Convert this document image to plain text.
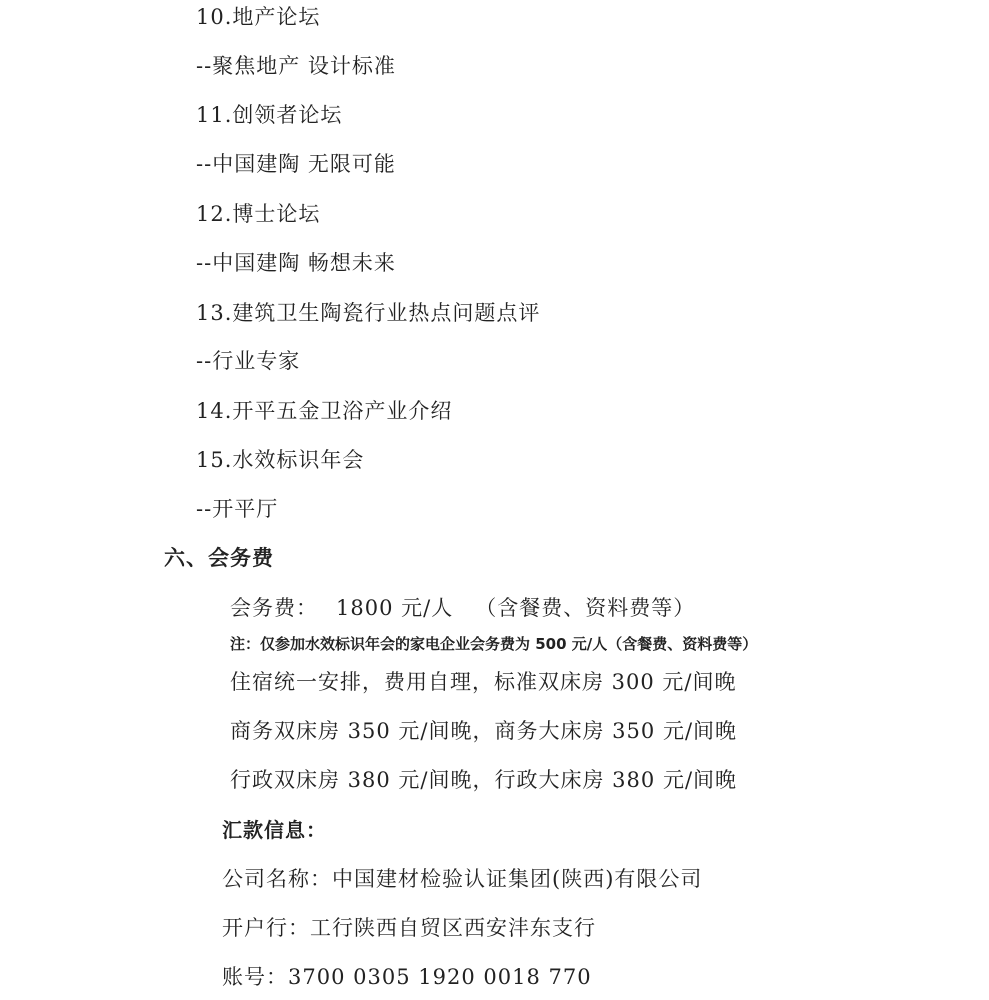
10.地产论坛
--聚焦地产 设计标准
11.创领者论坛
--中国建陶 无限可能
12.博士论坛
--中国建陶 畅想未来
13.建筑卫生陶瓷行业热点问题点评
--行业专家
14.开平五金卫浴产业介绍
15.水效标识年会
--开平厅
六、会务费
会务费： 1800 元/人 （含餐费、资料费等）
注：仅参加水效标识年会的家电企业会务费为 500 元/人（含餐费、资料费等）
住宿统一安排，费用自理，标准双床房 300 元/间晚
商务双床房 350 元/间晚，商务大床房 350 元/间晚
行政双床房 380 元/间晚，行政大床房 380 元/间晚
汇款信息：
公司名称：中国建材检验认证集团(陕西)有限公司
开户行：工行陕西自贸区西安沣东支行
账号：3700 0305 1920 0018 770
